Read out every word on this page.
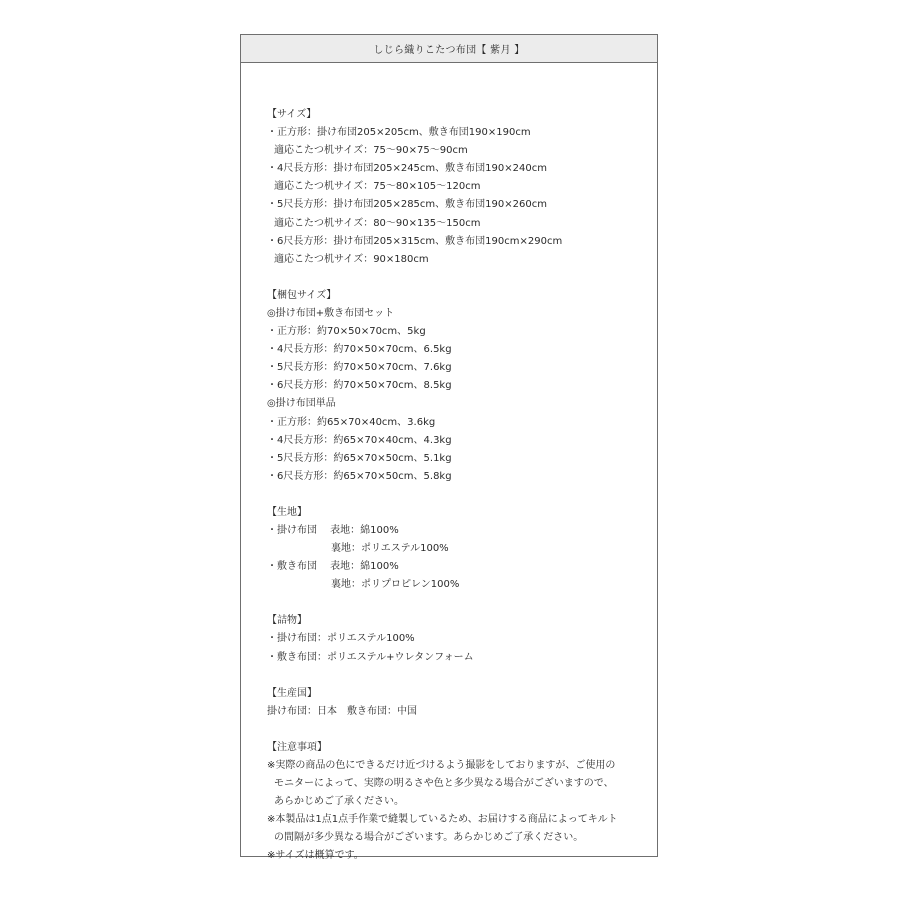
しじら織りこたつ布団【 紫月 】
【サイズ】
・正方形：掛け布団205×205cm、敷き布団190×190cm
適応こたつ机サイズ：75〜90×75〜90cm
・4尺長方形：掛け布団205×245cm、敷き布団190×240cm
適応こたつ机サイズ：75〜80×105〜120cm
・5尺長方形：掛け布団205×285cm、敷き布団190×260cm
適応こたつ机サイズ：80〜90×135〜150cm
・6尺長方形：掛け布団205×315cm、敷き布団190cm×290cm
適応こたつ机サイズ：90×180cm
【梱包サイズ】
◎掛け布団+敷き布団セット
・正方形：約70×50×70cm、5kg
・4尺長方形：約70×50×70cm、6.5kg
・5尺長方形：約70×50×70cm、7.6kg
・6尺長方形：約70×50×70cm、8.5kg
◎掛け布団単品
・正方形：約65×70×40cm、3.6kg
・4尺長方形：約65×70×40cm、4.3kg
・5尺長方形：約65×70×50cm、5.1kg
・6尺長方形：約65×70×50cm、5.8kg
【生地】
・掛け布団　 表地：綿100%
裏地：ポリエステル100%
・敷き布団　 表地：綿100%
裏地：ポリプロピレン100%
【詰物】
・掛け布団：ポリエステル100%
・敷き布団：ポリエステル+ウレタンフォーム
【生産国】
掛け布団：日本　敷き布団：中国
【注意事項】
※実際の商品の色にできるだけ近づけるよう撮影をしておりますが、ご使用の
モニターによって、実際の明るさや色と多少異なる場合がございますので、
あらかじめご了承ください。
※本製品は1点1点手作業で縫製しているため、お届けする商品によってキルト
の間隔が多少異なる場合がございます。あらかじめご了承ください。
※サイズは概算です。
